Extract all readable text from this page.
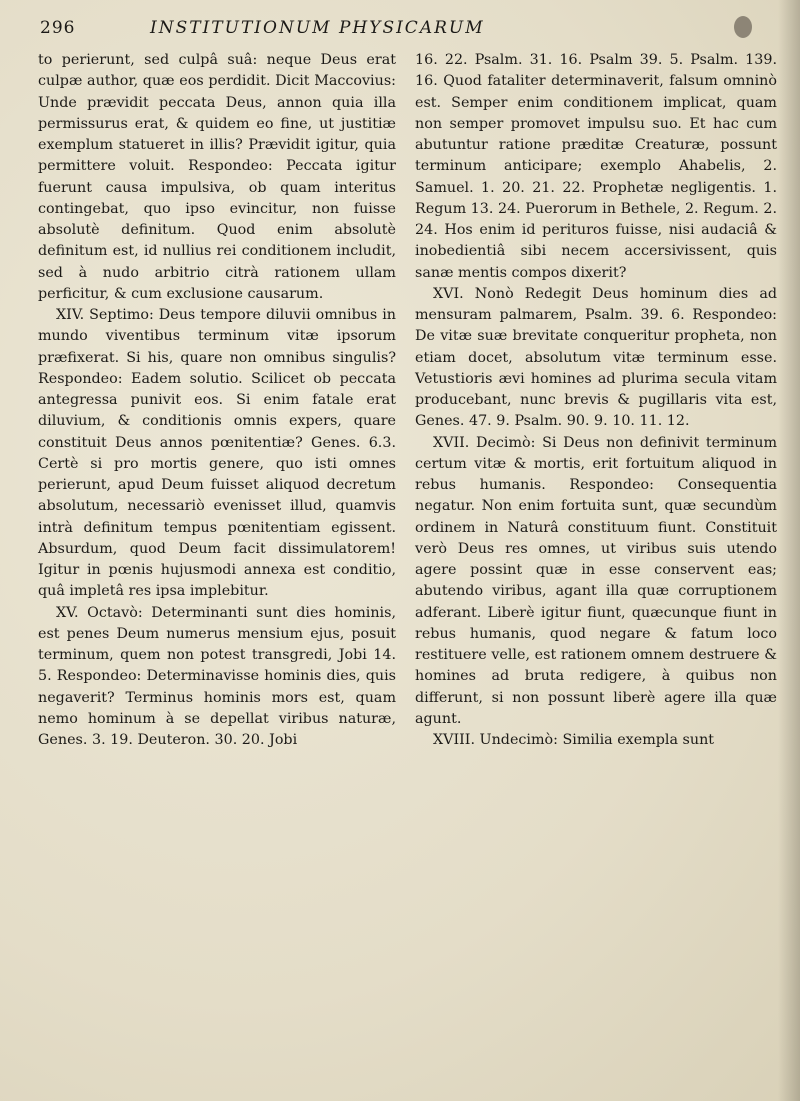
296	INSTITUTIONUM PHYSICARUM

to perierunt, sed culpâ suâ: neque Deus erat culpæ author, quæ eos perdidit. Dicit Maccovius: Unde prævidit peccata Deus, annon quia illa permissurus erat, & quidem eo fine, ut justitiæ exemplum statueret in illis? Prævidit igitur, quia permittere voluit. Respondeo: Peccata igitur fuerunt causa impulsiva, ob quam interitus contingebat, quo ipso evincitur, non fuisse absolutè definitum. Quod enim absolutè definitum est, id nullius rei conditionem includit, sed à nudo arbitrio citrà rationem ullam perficitur, & cum exclusione causarum.

XIV. Septimo: Deus tempore diluvii omnibus in mundo viventibus terminum vitæ ipsorum præfixerat. Si his, quare non omnibus singulis? Respondeo: Eadem solutio. Scilicet ob peccata antegressa punivit eos. Si enim fatale erat diluvium, & conditionis omnis expers, quare constituit Deus annos pœnitentiæ? Genes. 6.3. Certè si pro mortis genere, quo isti omnes perierunt, apud Deum fuisset aliquod decretum absolutum, necessariò evenisset illud, quamvis intrà definitum tempus pœnitentiam egissent. Absurdum, quod Deum facit dissimulatorem! Igitur in pœnis hujusmodi annexa est conditio, quâ impletâ res ipsa implebitur.

XV. Octavò: Determinanti sunt dies hominis, est penes Deum numerus mensium ejus, posuit terminum, quem non potest transgredi, Jobi 14. 5. Respondeo: Determinavisse hominis dies, quis negaverit? Terminus hominis mors est, quam nemo hominum à se depellat viribus naturæ, Genes. 3. 19. Deuteron. 30. 20. Jobi

16. 22. Psalm. 31. 16. Psalm 39. 5. Psalm. 139. 16. Quod fataliter determinaverit, falsum omninò est. Semper enim conditionem implicat, quam non semper promovet impulsu suo. Et hac cum abutuntur ratione præditæ Creaturæ, possunt terminum anticipare; exemplo Ahabelis, 2. Samuel. 1. 20. 21. 22. Prophetæ negligentis. 1. Regum 13. 24. Puerorum in Bethele, 2. Regum. 2. 24. Hos enim id perituros fuisse, nisi audaciâ & inobedientiâ sibi necem accersivissent, quis sanæ mentis compos dixerit?

XVI. Nonò Redegit Deus hominum dies ad mensuram palmarem, Psalm. 39. 6. Respondeo: De vitæ suæ brevitate conqueritur propheta, non etiam docet, absolutum vitæ terminum esse. Vetustioris ævi homines ad plurima secula vitam producebant, nunc brevis & pugillaris vita est, Genes. 47. 9. Psalm. 90. 9. 10. 11. 12.

XVII. Decimò: Si Deus non definivit terminum certum vitæ & mortis, erit fortuitum aliquod in rebus humanis. Respondeo: Consequentia negatur. Non enim fortuita sunt, quæ secundùm ordinem in Naturâ constituum fiunt. Constituit verò Deus res omnes, ut viribus suis utendo agere possint quæ in esse conservent eas; abutendo viribus, agant illa quæ corruptionem adferant. Liberè igitur fiunt, quæcunque fiunt in rebus humanis, quod negare & fatum loco restituere velle, est rationem omnem destruere & homines ad bruta redigere, à quibus non differunt, si non possunt liberè agere illa quæ agunt.

XVIII. Undecimò: Similia exempla sunt
